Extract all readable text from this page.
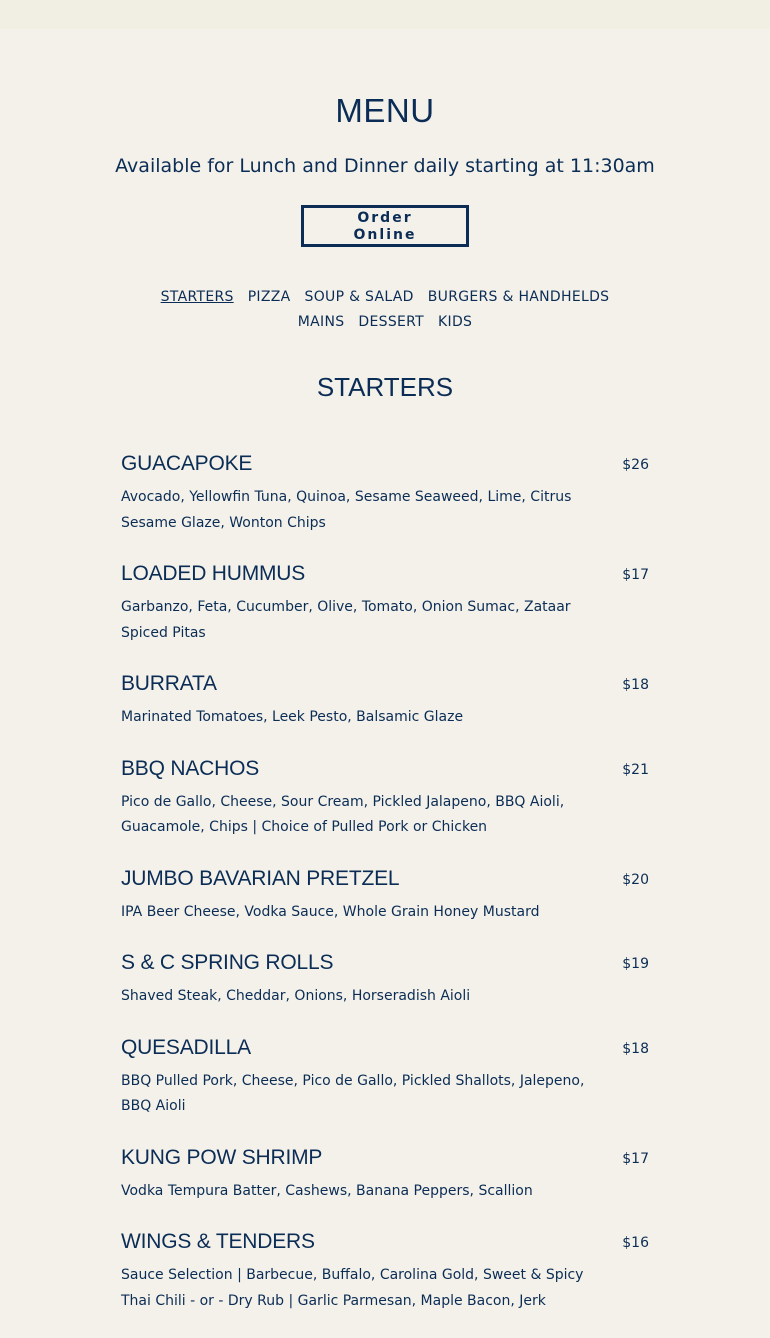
MENU

Available for Lunch and Dinner daily starting at 11:30am

Order Online
STARTERS PIZZA SOUP & SALAD BURGERS & HANDHELDS
MAINS DESSERT KIDS
STARTERS
GUACAPOKE	$26

Avocado, Yellowfin Tuna, Quinoa, Sesame Seaweed, Lime, Citrus Sesame Glaze, Wonton Chips

LOADED HUMMUS	$17

Garbanzo, Feta, Cucumber, Olive, Tomato, Onion Sumac, Zataar Spiced Pitas

BURRATA	$18

Marinated Tomatoes, Leek Pesto, Balsamic Glaze

BBQ NACHOS	$21

Pico de Gallo, Cheese, Sour Cream, Pickled Jalapeno, BBQ Aioli, Guacamole, Chips | Choice of Pulled Pork or Chicken

JUMBO BAVARIAN PRETZEL	$20

IPA Beer Cheese, Vodka Sauce, Whole Grain Honey Mustard

S & C SPRING ROLLS	$19

Shaved Steak, Cheddar, Onions, Horseradish Aioli

QUESADILLA	$18

BBQ Pulled Pork, Cheese, Pico de Gallo, Pickled Shallots, Jalepeno, BBQ Aioli

KUNG POW SHRIMP	$17

Vodka Tempura Batter, Cashews, Banana Peppers, Scallion

WINGS & TENDERS	$16

Sauce Selection | Barbecue, Buffalo, Carolina Gold, Sweet & Spicy Thai Chili - or - Dry Rub | Garlic Parmesan, Maple Bacon, Jerk
